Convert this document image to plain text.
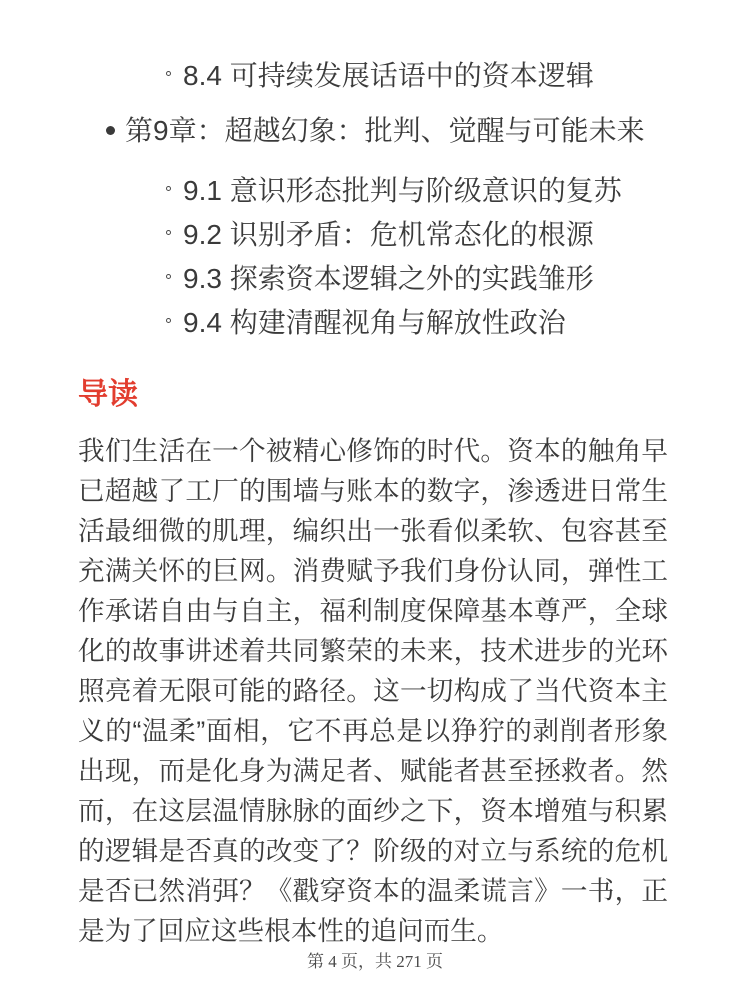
8.4 可持续发展话语中的资本逻辑
第9章：超越幻象：批判、觉醒与可能未来
9.1 意识形态批判与阶级意识的复苏
9.2 识别矛盾：危机常态化的根源
9.3 探索资本逻辑之外的实践雏形
9.4 构建清醒视角与解放性政治
导读

我们生活在一个被精心修饰的时代。资本的触角早已超越了工厂的围墙与账本的数字，渗透进日常生活最细微的肌理，编织出一张看似柔软、包容甚至充满关怀的巨网。消费赋予我们身份认同，弹性工作承诺自由与自主，福利制度保障基本尊严，全球化的故事讲述着共同繁荣的未来，技术进步的光环照亮着无限可能的路径。这一切构成了当代资本主义的“温柔”面相，它不再总是以狰狞的剥削者形象出现，而是化身为满足者、赋能者甚至拯救者。然而，在这层温情脉脉的面纱之下，资本增殖与积累的逻辑是否真的改变了？阶级的对立与系统的危机是否已然消弭？《戳穿资本的温柔谎言》一书，正是为了回应这些根本性的追问而生。

第 4 页，共 271 页
